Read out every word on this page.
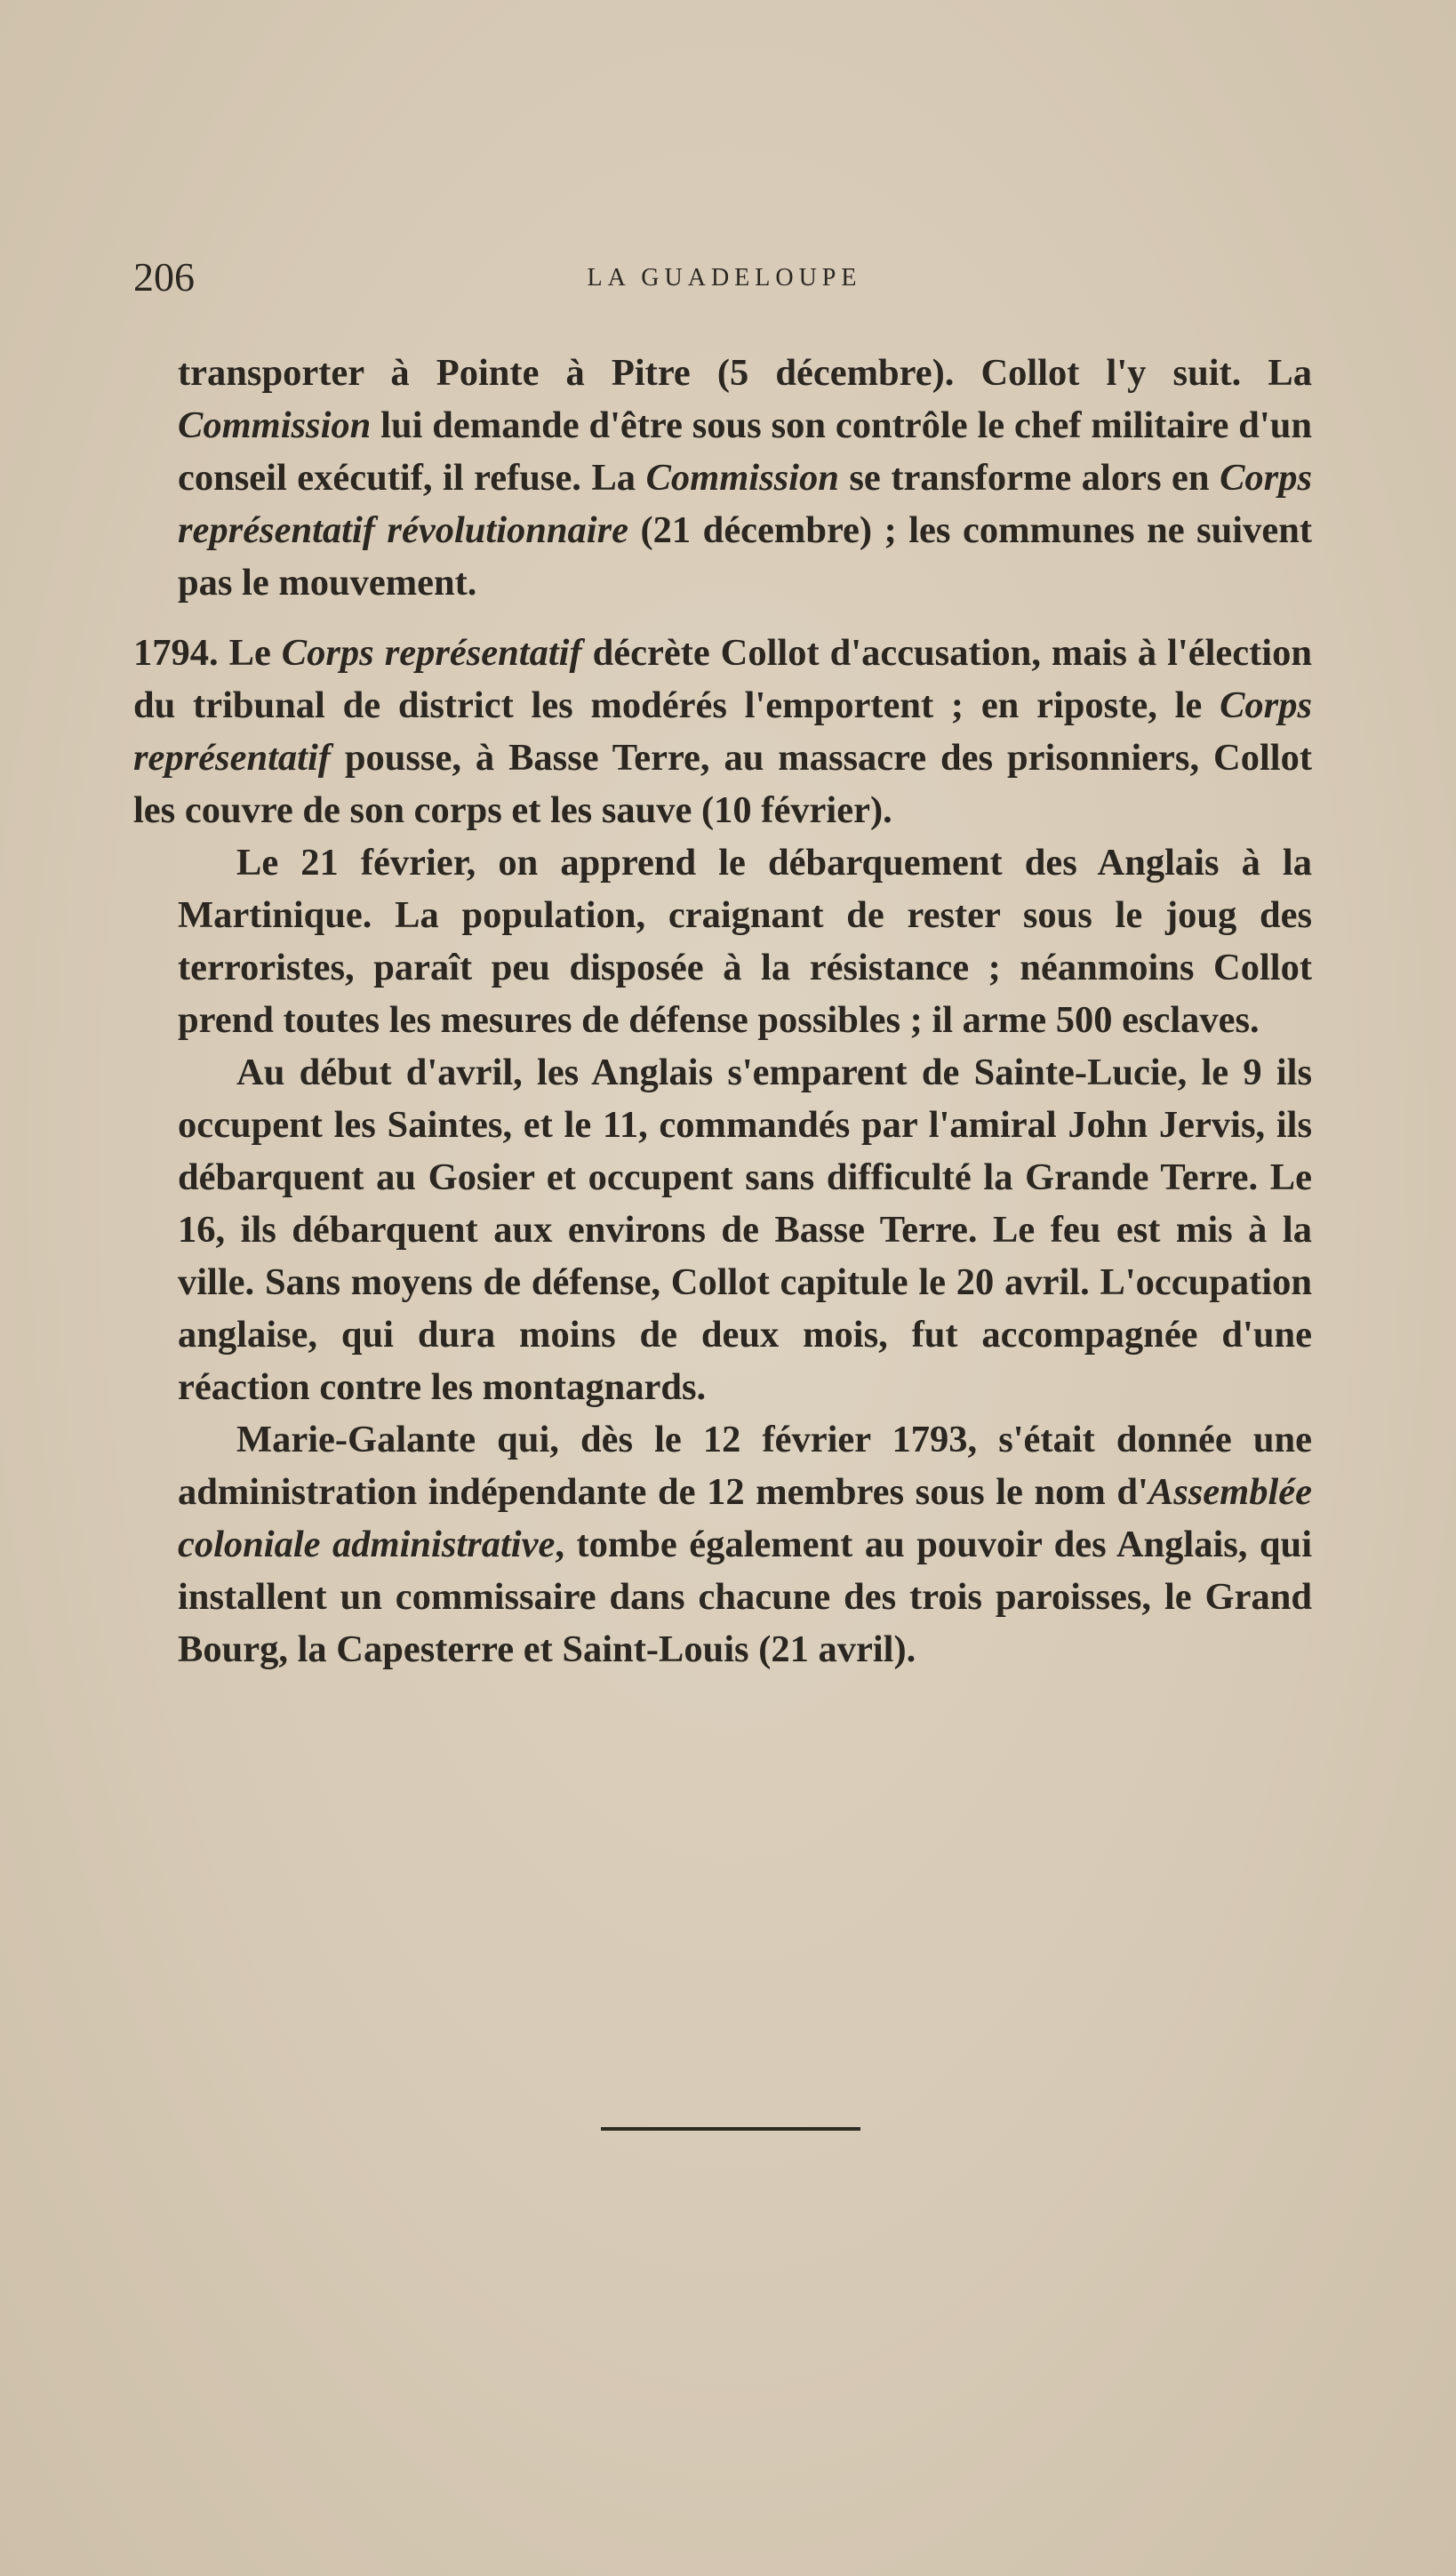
206	LA GUADELOUPE

transporter à Pointe à Pitre (5 décembre). Collot l'y suit. La Commission lui demande d'être sous son contrôle le chef militaire d'un conseil exécutif, il refuse. La Commission se transforme alors en Corps représentatif révolutionnaire (21 décembre) ; les communes ne suivent pas le mouvement.

1794. Le Corps représentatif décrète Collot d'accusation, mais à l'élection du tribunal de district les modérés l'emportent ; en riposte, le Corps représentatif pousse, à Basse Terre, au massacre des prisonniers, Collot les couvre de son corps et les sauve (10 février).

Le 21 février, on apprend le débarquement des Anglais à la Martinique. La population, craignant de rester sous le joug des terroristes, paraît peu disposée à la résistance ; néanmoins Collot prend toutes les mesures de défense possibles ; il arme 500 esclaves.

Au début d'avril, les Anglais s'emparent de Sainte-Lucie, le 9 ils occupent les Saintes, et le 11, commandés par l'amiral John Jervis, ils débarquent au Gosier et occupent sans difficulté la Grande Terre. Le 16, ils débarquent aux environs de Basse Terre. Le feu est mis à la ville. Sans moyens de défense, Collot capitule le 20 avril. L'occupation anglaise, qui dura moins de deux mois, fut accompagnée d'une réaction contre les montagnards.

Marie-Galante qui, dès le 12 février 1793, s'était donnée une administration indépendante de 12 membres sous le nom d'Assemblée coloniale administrative, tombe également au pouvoir des Anglais, qui installent un commissaire dans chacune des trois paroisses, le Grand Bourg, la Capesterre et Saint-Louis (21 avril).
